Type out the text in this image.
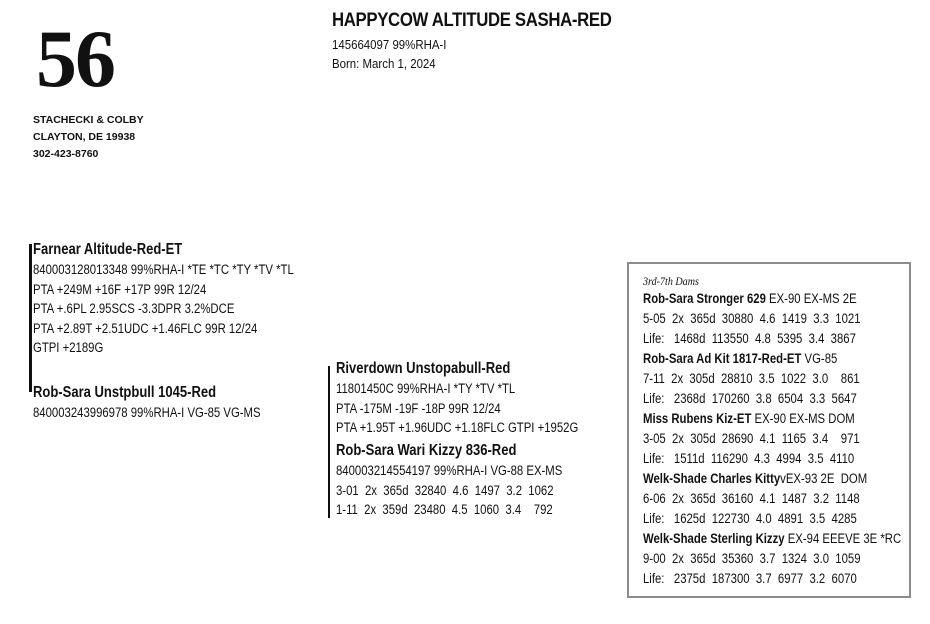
56
STACHECKI & COLBY
CLAYTON, DE 19938
302-423-8760
HAPPYCOW ALTITUDE SASHA-RED
145664097 99%RHA-I
Born: March 1, 2024
Farnear Altitude-Red-ET
840003128013348 99%RHA-I *TE *TC *TY *TV *TL
PTA +249M +16F +17P 99R 12/24
PTA +.6PL 2.95SCS -3.3DPR 3.2%DCE
PTA +2.89T +2.51UDC +1.46FLC 99R 12/24
GTPI +2189G
Rob-Sara Unstpbull 1045-Red
840003243996978 99%RHA-I VG-85 VG-MS
Riverdown Unstopabull-Red
11801450C 99%RHA-I *TY *TV *TL
PTA -175M -19F -18P 99R 12/24
PTA +1.95T +1.96UDC +1.18FLC GTPI +1952G
Rob-Sara Wari Kizzy 836-Red
840003214554197 99%RHA-I VG-88 EX-MS
3-01  2x  365d  32840  4.6  1497  3.2  1062
1-11  2x  359d  23480  4.5  1060  3.4    792
3rd-7th Dams
Rob-Sara Stronger 629 EX-90 EX-MS 2E
5-05  2x  365d  30880  4.6  1419  3.3  1021
Life:   1468d  113550  4.8  5395  3.4  3867
Rob-Sara Ad Kit 1817-Red-ET VG-85
7-11  2x  305d  28810  3.5  1022  3.0    861
Life:   2368d  170260  3.8  6504  3.3  5647
Miss Rubens Kiz-ET EX-90 EX-MS DOM
3-05  2x  305d  28690  4.1  1165  3.4    971
Life:   1511d  116290  4.3  4994  3.5  4110
Welk-Shade Charles KittyvEX-93 2E  DOM
6-06  2x  365d  36160  4.1  1487  3.2  1148
Life:   1625d  122730  4.0  4891  3.5  4285
Welk-Shade Sterling Kizzy EX-94 EEEVE 3E *RC
9-00  2x  365d  35360  3.7  1324  3.0  1059
Life:   2375d  187300  3.7  6977  3.2  6070
